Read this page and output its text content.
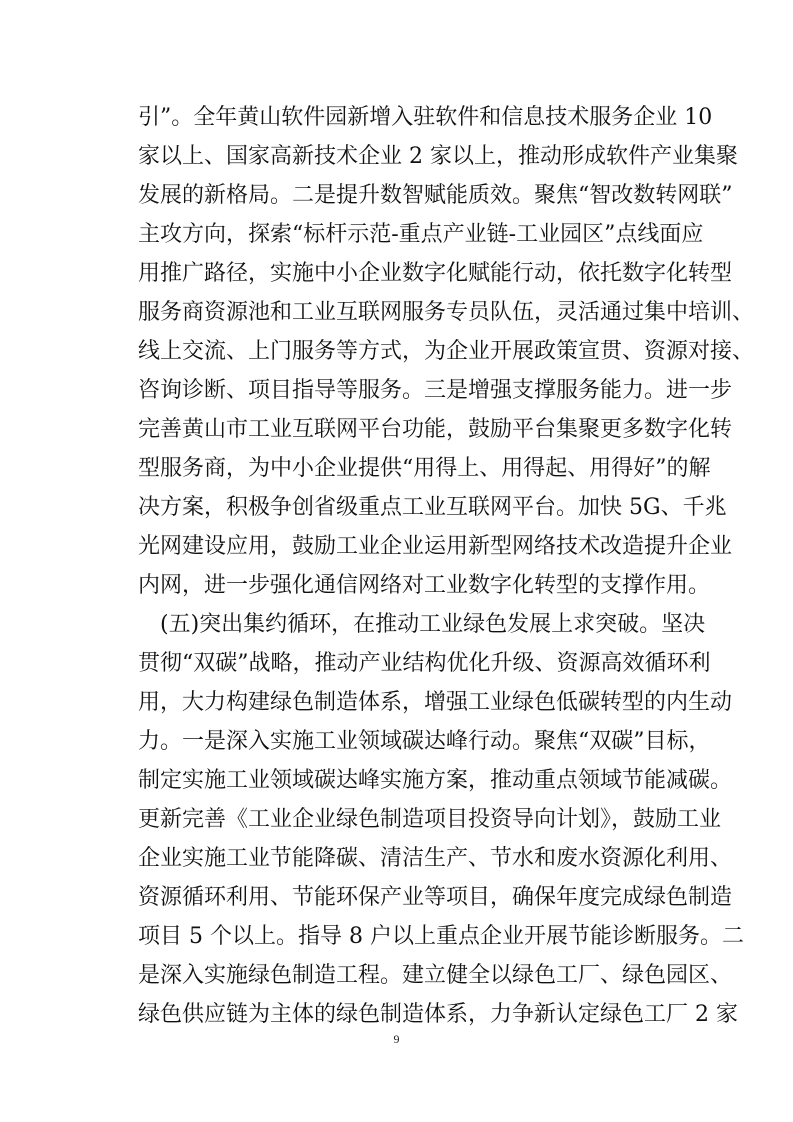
引”。全年黄山软件园新增入驻软件和信息技术服务企业 10
家以上、国家高新技术企业 2 家以上，推动形成软件产业集聚
发展的新格局。二是提升数智赋能质效。聚焦“智改数转网联”
主攻方向，探索“标杆示范-重点产业链-工业园区”点线面应
用推广路径，实施中小企业数字化赋能行动，依托数字化转型
服务商资源池和工业互联网服务专员队伍，灵活通过集中培训、
线上交流、上门服务等方式，为企业开展政策宣贯、资源对接、
咨询诊断、项目指导等服务。三是增强支撑服务能力。进一步
完善黄山市工业互联网平台功能，鼓励平台集聚更多数字化转
型服务商，为中小企业提供“用得上、用得起、用得好”的解
决方案，积极争创省级重点工业互联网平台。加快 5G、千兆
光网建设应用，鼓励工业企业运用新型网络技术改造提升企业
内网，进一步强化通信网络对工业数字化转型的支撑作用。
(五)突出集约循环，在推动工业绿色发展上求突破。坚决
贯彻“双碳”战略，推动产业结构优化升级、资源高效循环利
用，大力构建绿色制造体系，增强工业绿色低碳转型的内生动
力。一是深入实施工业领域碳达峰行动。聚焦“双碳”目标，
制定实施工业领域碳达峰实施方案，推动重点领域节能减碳。
更新完善《工业企业绿色制造项目投资导向计划》，鼓励工业
企业实施工业节能降碳、清洁生产、节水和废水资源化利用、
资源循环利用、节能环保产业等项目，确保年度完成绿色制造
项目 5 个以上。指导 8 户以上重点企业开展节能诊断服务。二
是深入实施绿色制造工程。建立健全以绿色工厂、绿色园区、
绿色供应链为主体的绿色制造体系，力争新认定绿色工厂 2 家
9
